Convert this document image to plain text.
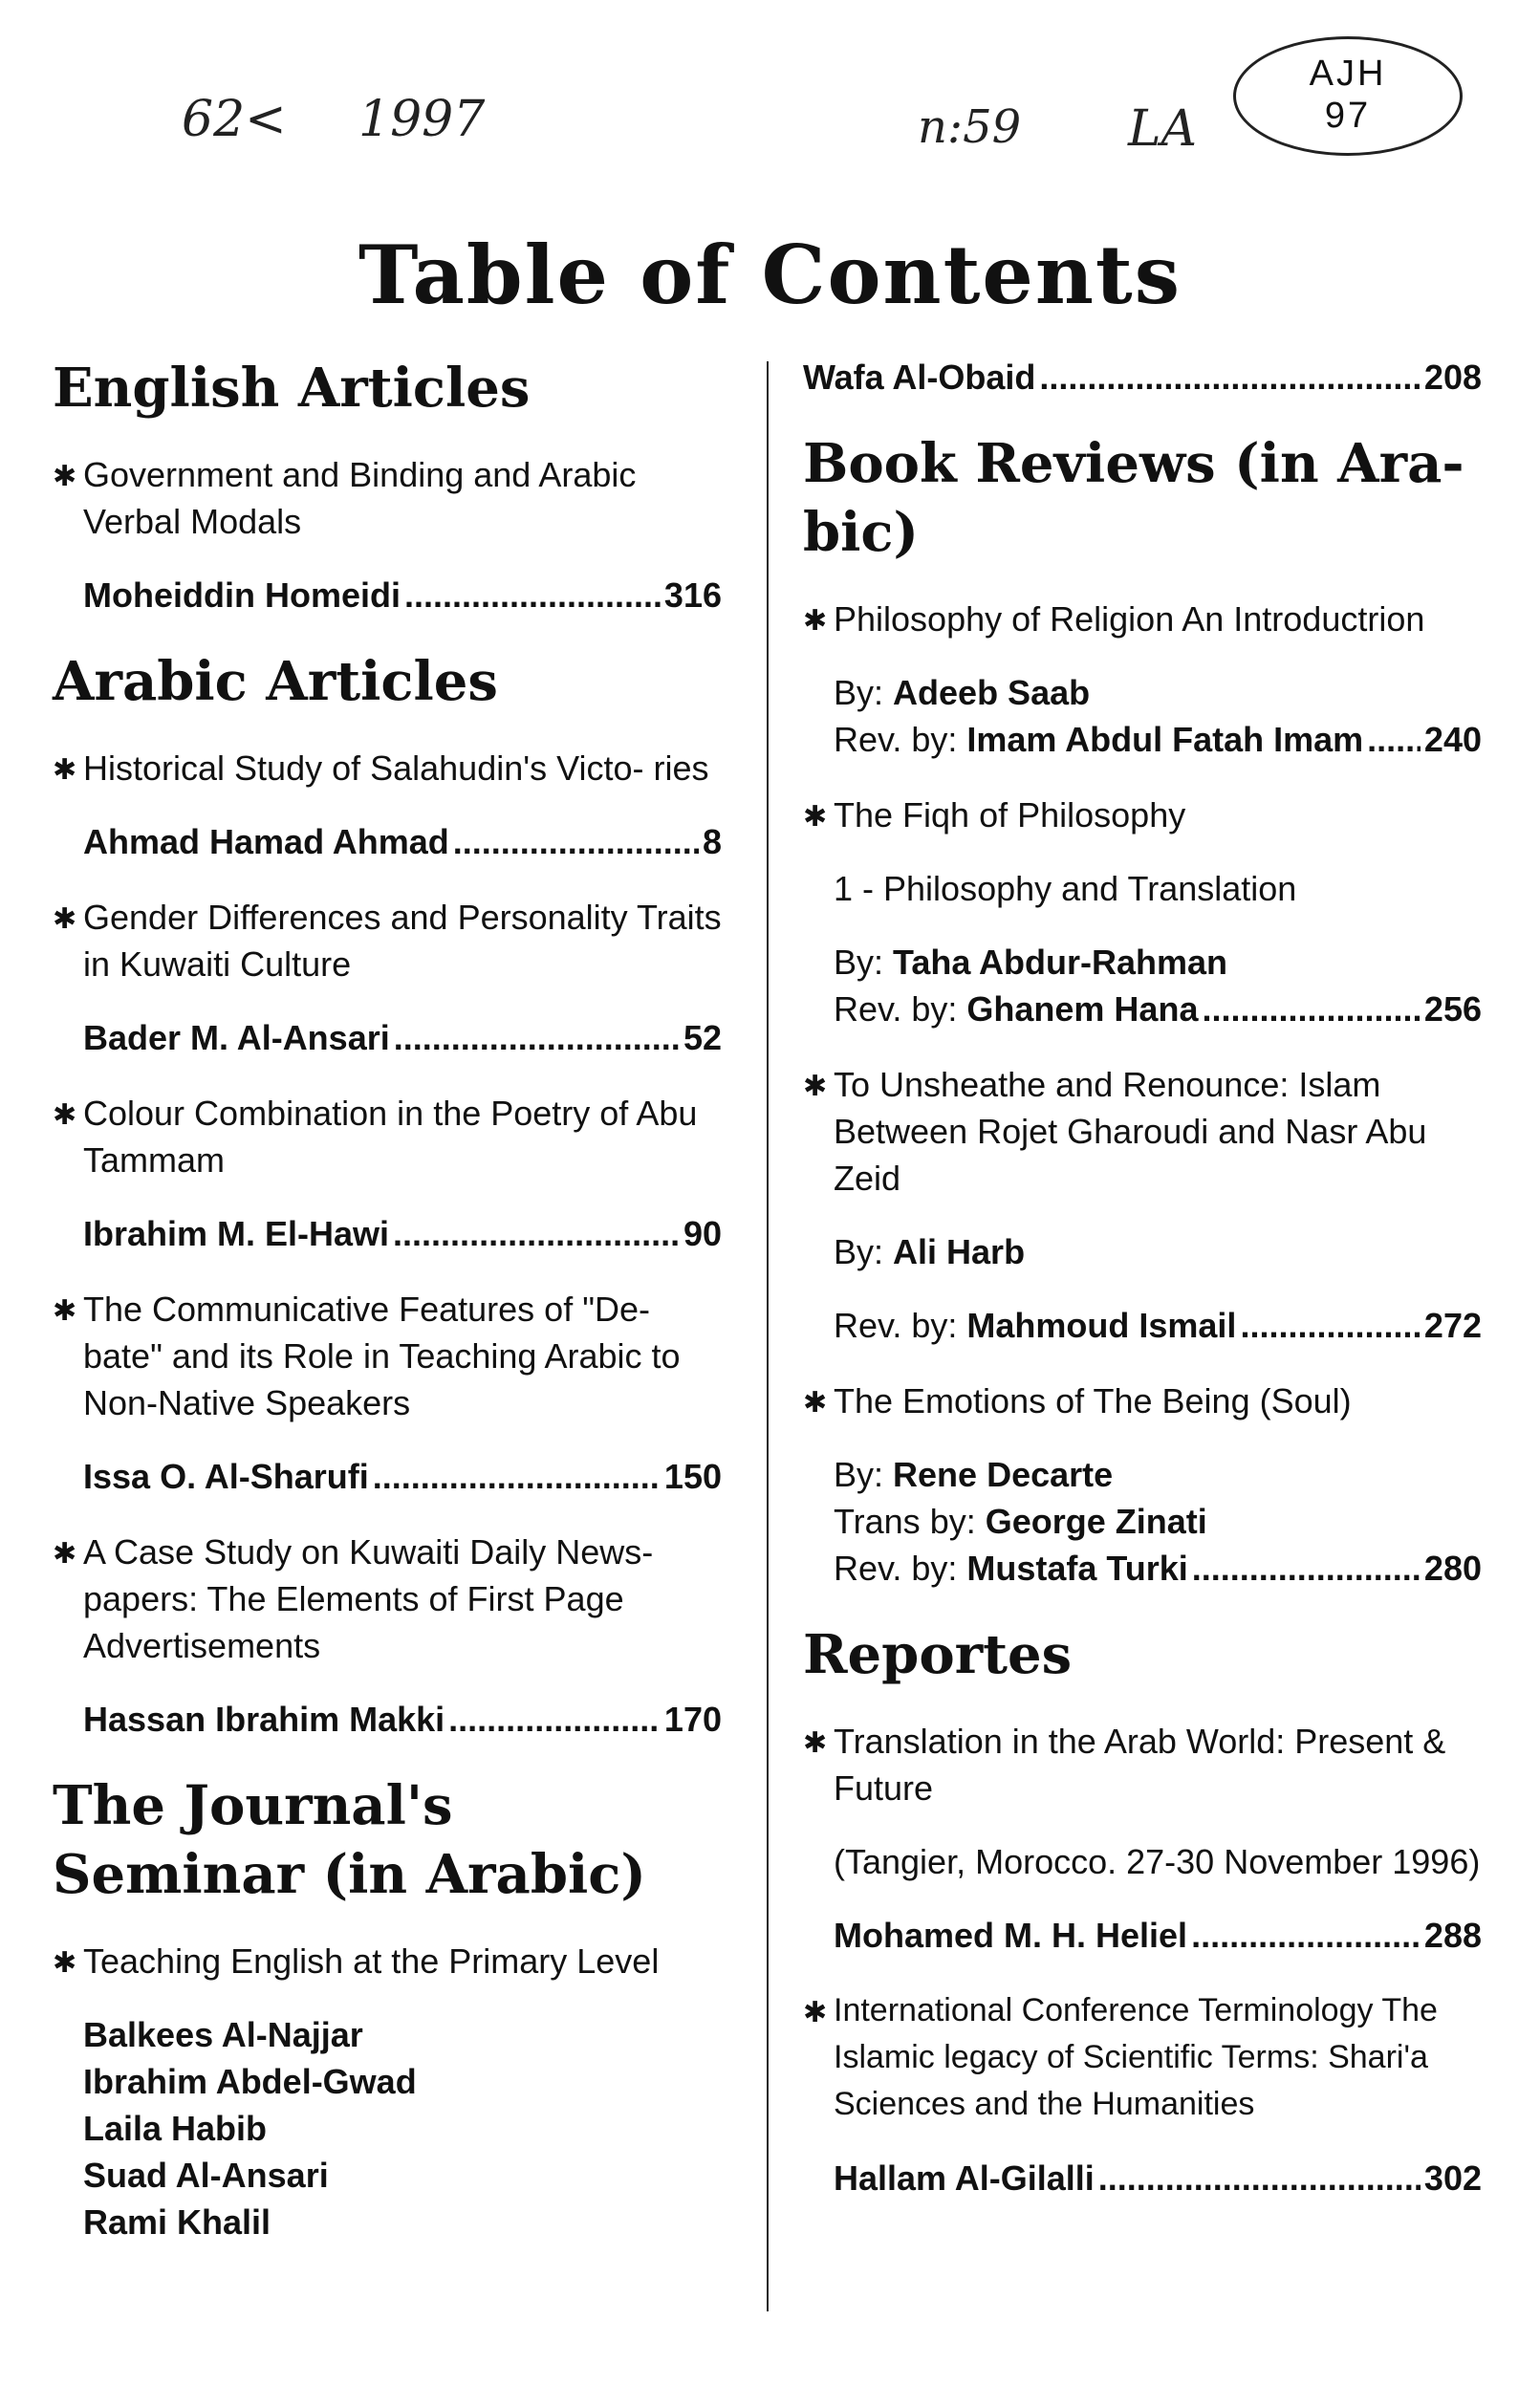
62< 1997	n:59 LA
AJH
97
Table of Contents
English Articles
✱ Government and Binding and Arabic Verbal Modals
Moheiddin Homeidi .....	316
Arabic Articles
✱ Historical Study of Salahudin's Victo- ries
Ahmad Hamad Ahmad .....	8
✱ Gender Differences and Personality Traits in Kuwaiti Culture
Bader M. Al-Ansari .....	52
✱ Colour Combination in the Poetry of Abu Tammam
Ibrahim M. El-Hawi .....	90
✱ The Communicative Features of "De- bate" and its Role in Teaching Arabic to Non-Native Speakers
Issa O. Al-Sharufi .....	150
✱ A Case Study on Kuwaiti Daily News- papers: The Elements of First Page Advertisements
Hassan Ibrahim Makki .....	170
The Journal's Seminar (in Arabic)
✱ Teaching English at the Primary Level
Balkees Al-Najjar
Ibrahim Abdel-Gwad
Laila Habib
Suad Al-Ansari
Rami Khalil
Wafa Al-Obaid .....	208
Book Reviews (in Ara- bic)
✱ Philosophy of Religion An Introductrion
By: Adeeb Saab
Rev. by:
Imam Abdul Fatah Imam ..... 240
✱ The Fiqh of Philosophy
1 - Philosophy and Translation
By: Taha Abdur-Rahman
Rev. by:
Ghanem Hana .....	256
✱ To Unsheathe and Renounce: Islam Between Rojet Gharoudi and Nasr Abu Zeid
By: Ali Harb
Rev. by:
Mahmoud Ismail .....	272
✱ The Emotions of The Being (Soul)
By: Rene Decarte
Trans by: George Zinati
Rev. by:
Mustafa Turki .....	280
Reportes
✱ Translation in the Arab World: Present & Future
(Tangier, Morocco. 27-30 November 1996)
Mohamed M. H. Heliel .....	288
✱ International Conference Terminology The Islamic legacy of Scientific Terms: Shari'a Sciences and the Humanities
Hallam Al-Gilalli .....	302
